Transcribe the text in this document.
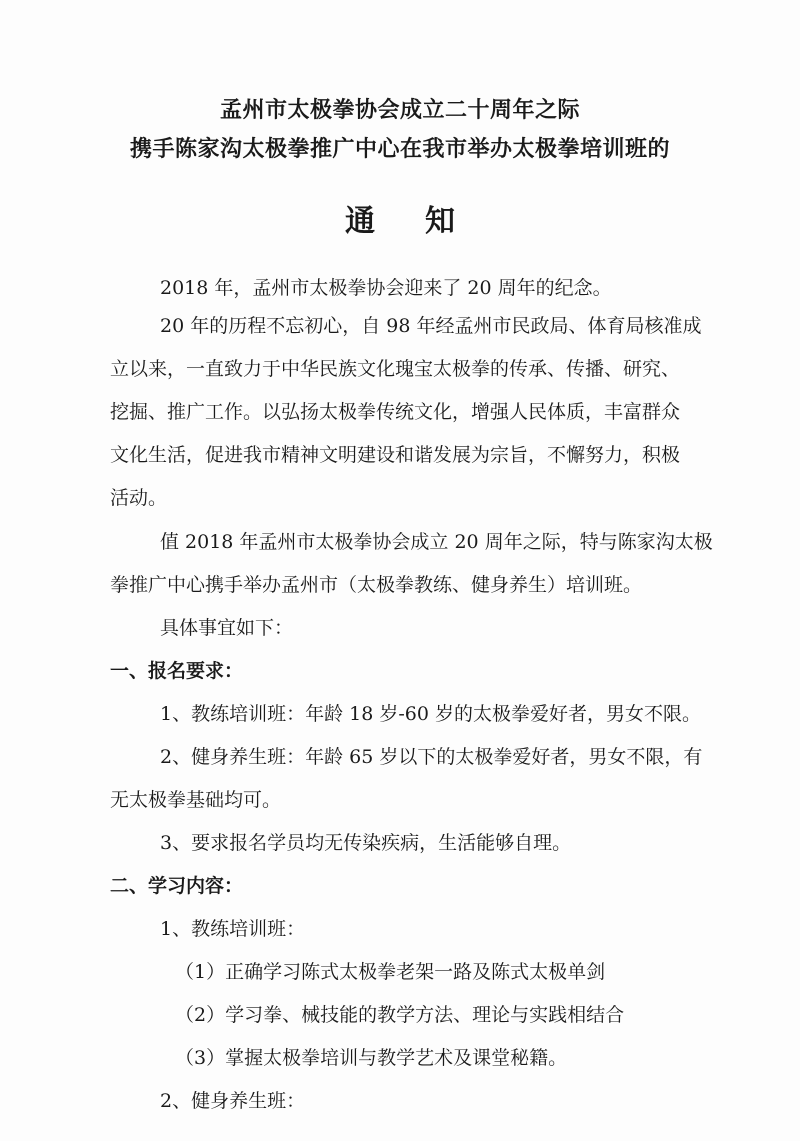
孟州市太极拳协会成立二十周年之际
携手陈家沟太极拳推广中心在我市举办太极拳培训班的
通知
2018 年，孟州市太极拳协会迎来了 20 周年的纪念。
20 年的历程不忘初心，自 98 年经孟州市民政局、体育局核准成
立以来，一直致力于中华民族文化瑰宝太极拳的传承、传播、研究、
挖掘、推广工作。以弘扬太极拳传统文化，增强人民体质，丰富群众
文化生活，促进我市精神文明建设和谐发展为宗旨，不懈努力，积极
活动。
值 2018 年孟州市太极拳协会成立 20 周年之际，特与陈家沟太极
拳推广中心携手举办孟州市（太极拳教练、健身养生）培训班。
具体事宜如下：
一、报名要求：
1、教练培训班：年龄 18 岁-60 岁的太极拳爱好者，男女不限。
2、健身养生班：年龄 65 岁以下的太极拳爱好者，男女不限，有
无太极拳基础均可。
3、要求报名学员均无传染疾病，生活能够自理。
二、学习内容：
1、教练培训班：
（1）正确学习陈式太极拳老架一路及陈式太极单剑
（2）学习拳、械技能的教学方法、理论与实践相结合
（3）掌握太极拳培训与教学艺术及课堂秘籍。
2、健身养生班：
